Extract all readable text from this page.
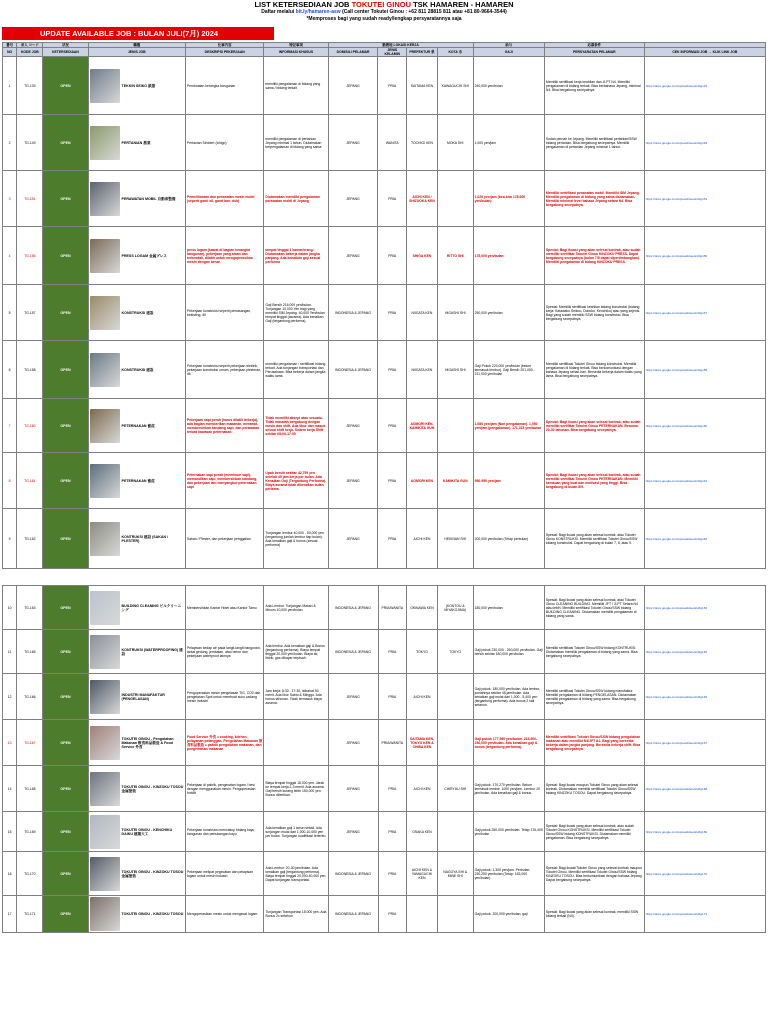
LIST KETERSEDIAAN JOB TOKUTEI GINOU TSK HAMAREN - HAMAREN
Daftar melalui bit.ly/hamaren-asw (Call center Tokutei Ginou : +62 811 28815 811 atau +81 80-9664-3544)
*Memproses bagi yang sudah ready/lengkap persyaratannya saja
UPDATE AVAILABLE JOB : BULAN JULI(7月) 2024
番号	求人 コード	状況	職種	仕事内容	特記事項	勤務地 LOKASI KERJA				給与	応募条件	
NO	KODE JOB	KETERSEDIAAN	JENIS JOB	DESKRIPSI PEKERJAAN	INFORMASI KHUSUS	DOMISILI PELAMAR	JENIS KELAMIN	PREFEKTUR 県	KOTA 市	GAJI	PERSYARATAN PELAMAR	CEK INFORMASI JOB → KLIK LINK JOB
1	TG-133	OPEN	TEKKIN SEIKO 鉄筋	Pembuatan kerangka bangunan	memiliki pengalaman di bidang yang sama / bidang terkait	JEPANG	PRIA	SAITAMA KEN	KAWAGUCHI SHI	240,000 yen/bulan	Memiliki sertifikasi kerja keahlian dan JLPT N4. Memiliki pengalaman di bidang terkait. Bisa berbahasa Jepang, minimal N4. Bisa bergabung secepatnya.	https://docs.google.com/spreadsheets/d/tg133
2	TG-149	OPEN	PERTANIAN 農業	Pertanian Strobert (ichigo)	memiliki pengalaman di pertanian Jepang minimal 1 tahun. Diutamakan berpengalaman di bidang yang sama.	JEPANG	WANITA	TOCHIGI KEN	MOKA SHI	1,000 yen/jam	Sudah pernah ke Jepang. Memiliki sertifikasi pertanian/SSW bidang pertanian. Bisa bergabung secepatnya. Memiliki pengalaman di pertanian Jepang minimal 1 tahun.	https://docs.google.com/spreadsheets/d/tg149
3	TG-151	OPEN	PERAWATAN MOBIL 自動車整備	Pemeliharaan dan perawatan mesin mobil (seperti ganti oli, ganti ban, dsb)	Diutamakan memiliki pengalaman perawatan mobil di Jepang	JEPANG	PRIA	AICHI KEN / SHIZUOKA KEN		1,020 yen/jam (kira-kira 178,000 yen/bulan)	Memiliki sertifikasi perawatan mobil. Memiliki SIM Jepang. Memiliki pengalaman di bidang yang sama diutamakan. Memiliki minimal level bahasa Jepang setara N4. Bisa bergabung secepatnya.	https://docs.google.com/spreadsheets/d/tg151
4	TG-156	OPEN	PRESS LOGAM 金属プレス	press logam (kawat di bagian kerangka bangunan), pekerjaan yang aman dan terkendali, dilatih untuk mengoperasikan mesin dengan benar.	tempat tinggal 1 kamar/orang. Diutamakan bekerja dalam jangka panjang. Ada kenaikan gaji sesuai performa	JEPANG	PRIA	SHIGA KEN	RITTO SHI	178,000 yen/bulan	Spesial: Bagi ikuasi yang akan selesai kontrak, atau sudah memiliki sertifikat Tokutei Ginou KINZOKU PRESS. Dapat bergabung secepatnya (bulan 7/8 dapat dipertimbangkan). Memiliki pengalaman di bidang KINZOKU PRESS.	https://docs.google.com/spreadsheets/d/tg156
5	TG-157	OPEN	KONSTRUKSI 建設	Pekerjaan konstruksi seperti pemasangan, bekisting, dll	Gaji Bersih 216,000 yen/bulan. Tunjangan 10,000 Yen bagi yang memiliki SIM Jepang. 40,000 Yen/bulan tempat tinggal (asrama). Ada kenaikan Gaji (tergantung performa).	INDONESIA & JEPANG	PRIA	NIIGATA KEN	HIGASHI SHI	250,000 yen/bulan	Spesial: Memiliki sertifikasi keahlian bidang konstruksi (bidang kerja: Katawaku Seikou, Doboku, Kenchiku) atau yang sejenis. Bagi yang sudah memiliki SSW bidang konstruksi. Bisa bergabung secepatnya.	https://docs.google.com/spreadsheets/d/tg157
6	TG-158	OPEN	KONSTRUKSI 建設	Pekerjaan konstruksi seperti pekerjaan elektrik, pekerjaan konstruksi umum, pekerjaan plesteran, dll.	memiliki pengalaman / sertifikasi bidang terkait. Ada tunjangan transportasi dan Perusahaan. Bisa bekerja dalam jangka waktu lama	INDONESIA & JEPANG	PRIA	NIIGATA KEN	HIGASHI SHI	Gaji Pokok 220,000 yen/bulan (belum termasuk lembur). Gaji Bersih 201,000 - 211,000 yen/bulan	Memiliki sertifikasi Tokutei Ginou bidang konstruksi. Memiliki pengalaman di bidang terkait. Bisa berkomunikasi dengan bahasa Jepang sehari-hari. Bersedia bekerja dalam waktu yang lama. Bisa bergabung secepatnya.	https://docs.google.com/spreadsheets/d/tg158
7	TG-160	OPEN	PETERNAKAN 畜産	Pekerjaan sapi perah (harus dilatih bekerja), ada bagian memberikan makanan, merawat, membersihkan kandang sapi, dan perawatan terkait kawasan peternakan.	Tidak memiliki aksepi atau sesuatu. Tidak masalah bergabung dengan mesin dan shift. Ada libur dan masuk sesuai shift kerja. Sistem kerja Shift sekitar 08:00-17:00	JEPANG	PRIA	AOMORI KEN, KAMIKITA GUN		1,080 yen/jam (Non pengalaman). 1,050 yen/jam (pengalaman). 171,315 yen/bulan	Spesial: Bagi ikuasi yang akan selesai kontrak, atau sudah memiliki sertifikat Tokutei Ginou PETERNAKAN. Berumur 20-30 tahunan. Bisa bergabung secepatnya.	https://docs.google.com/spreadsheets/d/tg160
8	TG-161	OPEN	PETERNAKAN 畜産	Peternakan sapi perah (meminum sapi), memandikan sapi, membersihkan kandang, dan pekerjaan lain menyangkut peternakan sapi	Upah bersih sekitar 42,759 yen setelah 45 jam kerja per bulan. Ada Kenaikan Gaji (Tergantung Performa). Biaya asrama tidak dikenakan bulan pertama.	JEPANG	PRIA	AOMORI KEN	KAMIKITA GUN	950-950 yen/jam	Spesial: Bagi ikuasi yang akan selesai kontrak, atau sudah memiliki sertifikat Tokutei Ginou PETERNAKAN. Memiliki kemauan yang kuat dan motivasi yang tinggi. Bisa bergabung di bulan 8/9.	https://docs.google.com/spreadsheets/d/tg161
9	TG-162	OPEN	KONTRUKSI 建設 (SAKAN / PLESTER)	Sakan / Plester, dan pekerjaan penggalian	Tunjangan lembur 40,000 - 50,000 yen (tergantung jumlah lembur tiap bulan). Ada kenaikan gaji & bonus (sesuai performa)	JEPANG	PRIA	AICHI KEN	HEKINAN SHI	200,000 yen/bulan (Tetap perbulan)	Spesial: Bagi ikuasi yang akan selesai kontrak, atau Tokutei Ginou KONSTRUKSI. Memiliki sertifikasi Tokutei Ginou/SSW bidang konstruksi. Dapat bergabung di bulan 7, 8, atau 9.	https://docs.google.com/spreadsheets/d/tg162
10	TG-163	OPEN	BUILDING CLEANING ビルクリーニング	Membersihkan Kamar Hotel atau Kantor Tamu	Ada Lembur. Tunjangan Makan & Minum 10,000 yen/bulan	INDONESIA & JEPANG	PRIA/WANITA	OKINAWA KEN	(KONTOU & MIYAKOJIMA)	180,000 yen/bulan	Spesial: Bagi ikuasi yang akan selesai kontrak, atau Tokutei Ginou CLEANING BUILDING. Memiliki JFT / JLPT Setara N4 atau lebih. Memiliki sertifikasi Tokutei Ginou/SSW bidang BUILDING CLEANING. Diutamakan memiliki pengalaman di bidang yang sama.	https://docs.google.com/spreadsheets/d/tg163
11	TG-165	OPEN	KONTRUKSI (WATERPROOFING) 建設	Pelapisan kedap air pada langit-langit bangunan, lantai gedung, jembatan, atau beton dan pekerjaan waterproof lainnya	Ada lembur. Ada kenaikan gaji & Bonus (tergantung performa). Biaya tempat tinggal 20,000 yen/bulan. Biaya air, listrik, gas dibayar terpisah.	INDONESIA & JEPANG	PRIA	TOKYO	TOKYO	Gaji pokok 230,000 - 260,000 yen/bulan. Gaji bersih sekitar 180,000 yen/bulan	Memiliki sertifikasi Tokutei Ginou/SSW bidang KONTRUKSI. Diutamakan memiliki pengalaman di bidang yang sama. Bisa bergabung secepatnya.	https://docs.google.com/spreadsheets/d/tg165
12	TG-166	OPEN	INDUSTRI MANUFAKTUR (PENGELASAN)	Pengoperasian mesin pengelasan TIG, CO2 dan pengelasan Spot untuk membuat suku cadang mesin industri	Jam kerja: 8:30 - 17:30, istirahat 90 menit. Ada libur Sabtu & Minggu. Ada bonus tahunan. Tidak termasuk biaya asrama.	JEPANG	PRIA	AICHI KEN		Gaji pokok: 180,000 yen/bulan. Ada lembur, jumlahnya sekitar 45 jam/bulan. Ada kenaikan gaji mulai dari 1,000 - 5,400 yen (tergantung performa). Ada bonus 2 kali setahun.	Memiliki sertifikasi Tokutei Ginou/SSW bidang manufaktur. Memiliki pengalaman di bidang PENGELASAN. Diutamakan memiliki pengalaman di bidang yang sama. Bisa bergabung secepatnya.	https://docs.google.com/spreadsheets/d/tg166
13	TG-167	OPEN	TOKUTEI GINOU - Pengolahan Makanan 飲食料品製造 & Food Service 外食	Food Service 外食 = cooking, kitchen, pelayanan pelanggan. Pengolahan Makanan 飲食料品製造 = pabrik pengolahan makanan, dan pengemasan makanan		JEPANG	PRIA/WANITA	SAITAMA KEN, TOKYO KEN & CHIBA KEN		Gaji pokok 177,990 yen/bulan. 213,900-230,000 yen/bulan. Ada kenaikan gaji & bonus (tergantung performa).	Memiliki sertifikasi Tokutei Ginou/SSW bidang pengolahan makanan atau memiliki N4/JFT A2. Bagi yang bersedia bekerja dalam jangka panjang. Bersedia bekerja shift. Bisa bergabung secepatnya.	https://docs.google.com/spreadsheets/d/tg167
14	TG-168	OPEN	TOKUTEI GINOU - KINZOKU TOSOU 金属塗装	Pekerjaan di pabrik, pengecatan logam / besi dengan menggunakan mesin. Pengoperasian forklift	Biaya tempat tinggal 18,000 yen. Jarak ke tempat kerja 2-3 menit. Ada asrama. Gaji bersih kurang lebih 150,000 yen. Bonus diberikan.	JEPANG	PRIA	AICHI KEN	CHIRYUU SHI	Gaji pokok: 170,270 yen/bulan. Belum termasuk lembur. 1000 yen/jam. Lembur 20 jam/bulan. Ada kenaikan gaji & bonus.	Spesial: Bagi ikuasi maupun Tokutei Ginou yang akan selesai kontrak. Diutamakan memiliki sertifikasi Tokutei Ginou/SSW bidang KINZOKU TOSOU. Dapat bergabung secepatnya.	https://docs.google.com/spreadsheets/d/tg168
15	TG-169	OPEN	TOKUTEI GINOU - KENCHIKU DAIKU 建築大工	Pekerjaan konstruksi mencakup bidang kayu, bangunan dan pertukangan kayu	Ada kenaikan gaji 1 tahun sekali. Ada tunjangan mulai dari 1,000-10,000 yen per bulan. Tunjangan kualifikasi tertentu.	JEPANG	PRIA	OSAKA KEN		Gaji pokok 250,000 yen/bulan. Tetap 176,400 yen/bulan	Spesial: Bagi ikuasi yang akan selesai kontrak, atau sudah Tokutei Ginou KONSTRUKSI. Memiliki sertifikasi Tokutei Ginou/SSW bidang KONSTRUKSI. Diutamakan memiliki pengalaman. Bisa bergabung secepatnya.	https://docs.google.com/spreadsheets/d/tg169
16	TG-170	OPEN	TOKUTEI GINOU - KINZOKU TOSOU 金属塗装	Pekerjaan melipat pegecatan dan pelapisan logam untuk mesin industri.	Ada Lembur: 20-30 jam/bulan. Ada kenaikan gaji (tergantung performa). Biaya tempat tinggal 20,000-40,000 yen. Dapat tunjangan transportasi.	INDONESIA & JEPANG	PRIA	AICHI KEN & YAMAGUCHI KEN	NAGOYA SHI & MINE SHI	Gaji pokok: 1,300 yen/jam. Perbulan: 230,250 yen/bulan (Tetap: 163,000 yen/bulan)	Spesial: Bagi ikuasi/Tokutei Ginou yang selesai kontrak maupun Tokutei Ginou. Memiliki sertifikasi Tokutei Ginou/SSW bidang KINZOKU TOSOU. Bisa berkomunikasi dengan bahasa Jepang. Dapat bergabung secepatnya.	https://docs.google.com/spreadsheets/d/tg170
17	TG-171	OPEN	TOKUTEI GINOU - KINZOKU TOSOU	Mengoperasikan mesin untuk mengecat logam	Tunjangan Transportasi 15,000 yen. Ada Bonus 2x setahun	INDONESIA & JEPANG	PRIA			Gaji pokok: 200,000 yen/bulan, gaji	Spesial: Bagi ikuasi yang akan selesai kontrak, memiliki SSW bidang terkait (N4).	https://docs.google.com/spreadsheets/d/tg171
